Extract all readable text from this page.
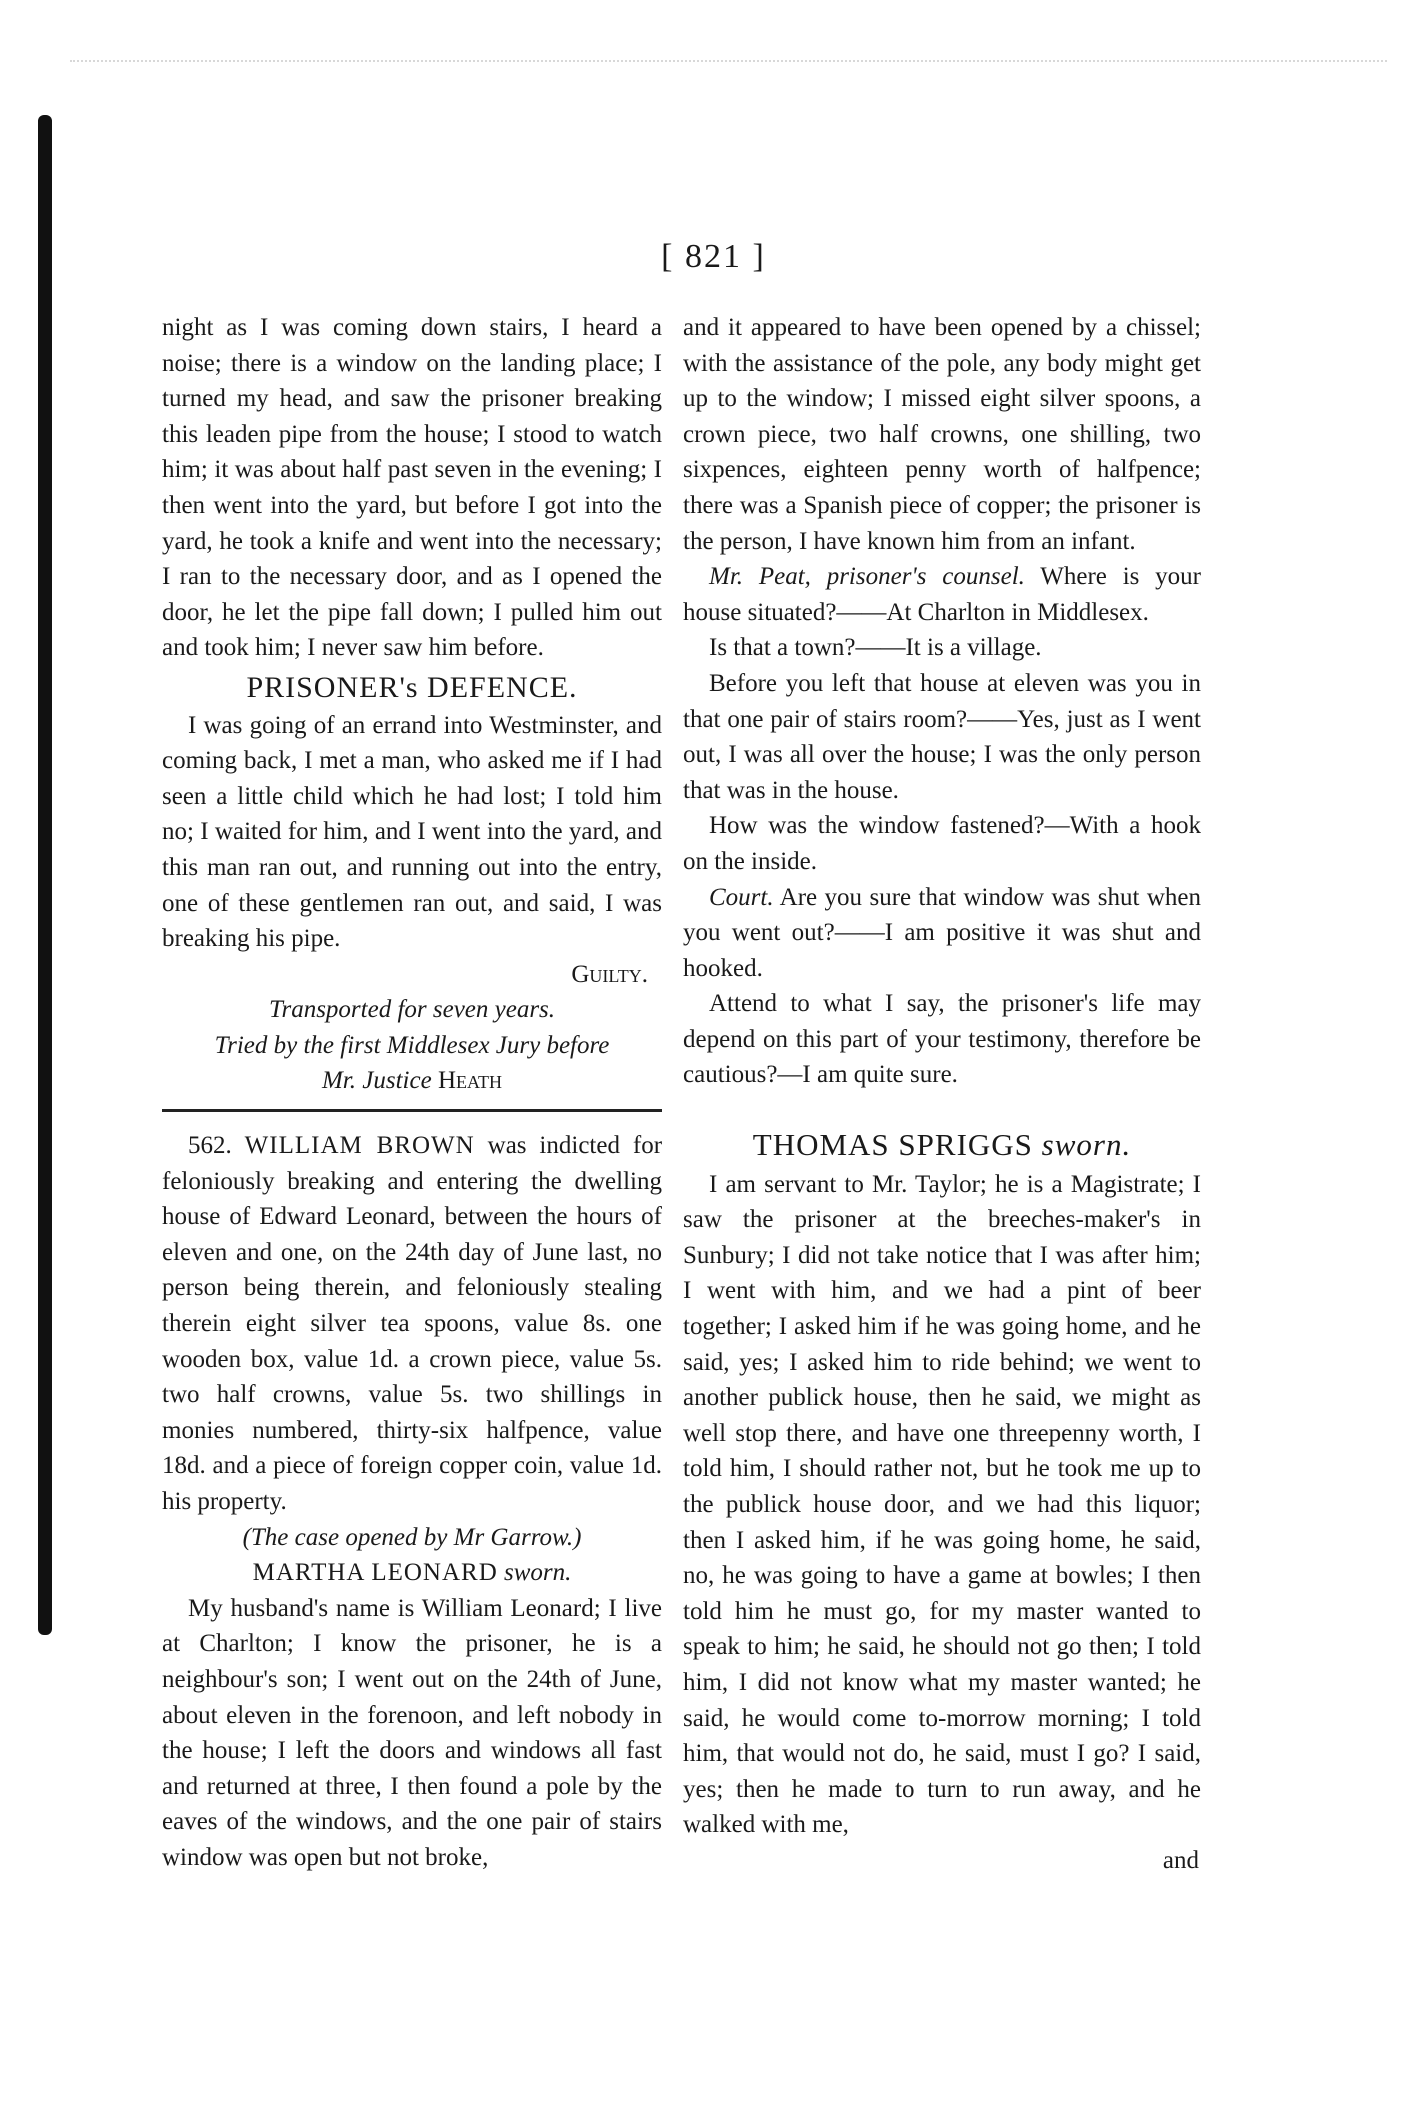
[ 821 ]

night as I was coming down stairs, I heard a noise; there is a window on the landing place; I turned my head, and saw the prisoner breaking this leaden pipe from the house; I stood to watch him; it was about half past seven in the evening; I then went into the yard, but before I got into the yard, he took a knife and went into the necessary; I ran to the necessary door, and as I opened the door, he let the pipe fall down; I pulled him out and took him; I never saw him before.

PRISONER's DEFENCE.

I was going of an errand into Westminster, and coming back, I met a man, who asked me if I had seen a little child which he had lost; I told him no; I waited for him, and I went into the yard, and this man ran out, and running out into the entry, one of these gentlemen ran out, and said, I was breaking his pipe.

Guilty.
Transported for seven years.
Tried by the first Middlesex Jury before
Mr. Justice Heath

562. WILLIAM BROWN was indicted for feloniously breaking and entering the dwelling house of Edward Leonard, between the hours of eleven and one, on the 24th day of June last, no person being therein, and feloniously stealing therein eight silver tea spoons, value 8s. one wooden box, value 1d. a crown piece, value 5s. two half crowns, value 5s. two shillings in monies numbered, thirty-six halfpence, value 18d. and a piece of foreign copper coin, value 1d. his property.

(The case opened by Mr Garrow.)
MARTHA LEONARD sworn.

My husband's name is William Leonard; I live at Charlton; I know the prisoner, he is a neighbour's son; I went out on the 24th of June, about eleven in the forenoon, and left nobody in the house; I left the doors and windows all fast and returned at three, I then found a pole by the eaves of the windows, and the one pair of stairs window was open but not broke,

and it appeared to have been opened by a chissel; with the assistance of the pole, any body might get up to the window; I missed eight silver spoons, a crown piece, two half crowns, one shilling, two sixpences, eighteen penny worth of halfpence; there was a Spanish piece of copper; the prisoner is the person, I have known him from an infant.

Mr. Peat, prisoner's counsel. Where is your house situated?——At Charlton in Middlesex.

Is that a town?——It is a village.

Before you left that house at eleven was you in that one pair of stairs room?——Yes, just as I went out, I was all over the house; I was the only person that was in the house.

How was the window fastened?—With a hook on the inside.

Court. Are you sure that window was shut when you went out?——I am positive it was shut and hooked.

Attend to what I say, the prisoner's life may depend on this part of your testimony, therefore be cautious?—I am quite sure.

THOMAS SPRIGGS sworn.

I am servant to Mr. Taylor; he is a Magistrate; I saw the prisoner at the breeches-maker's in Sunbury; I did not take notice that I was after him; I went with him, and we had a pint of beer together; I asked him if he was going home, and he said, yes; I asked him to ride behind; we went to another publick house, then he said, we might as well stop there, and have one threepenny worth, I told him, I should rather not, but he took me up to the publick house door, and we had this liquor; then I asked him, if he was going home, he said, no, he was going to have a game at bowles; I then told him he must go, for my master wanted to speak to him; he said, he should not go then; I told him, I did not know what my master wanted; he said, he would come to-morrow morning; I told him, that would not do, he said, must I go? I said, yes; then he made to turn to run away, and he walked with me,

and
